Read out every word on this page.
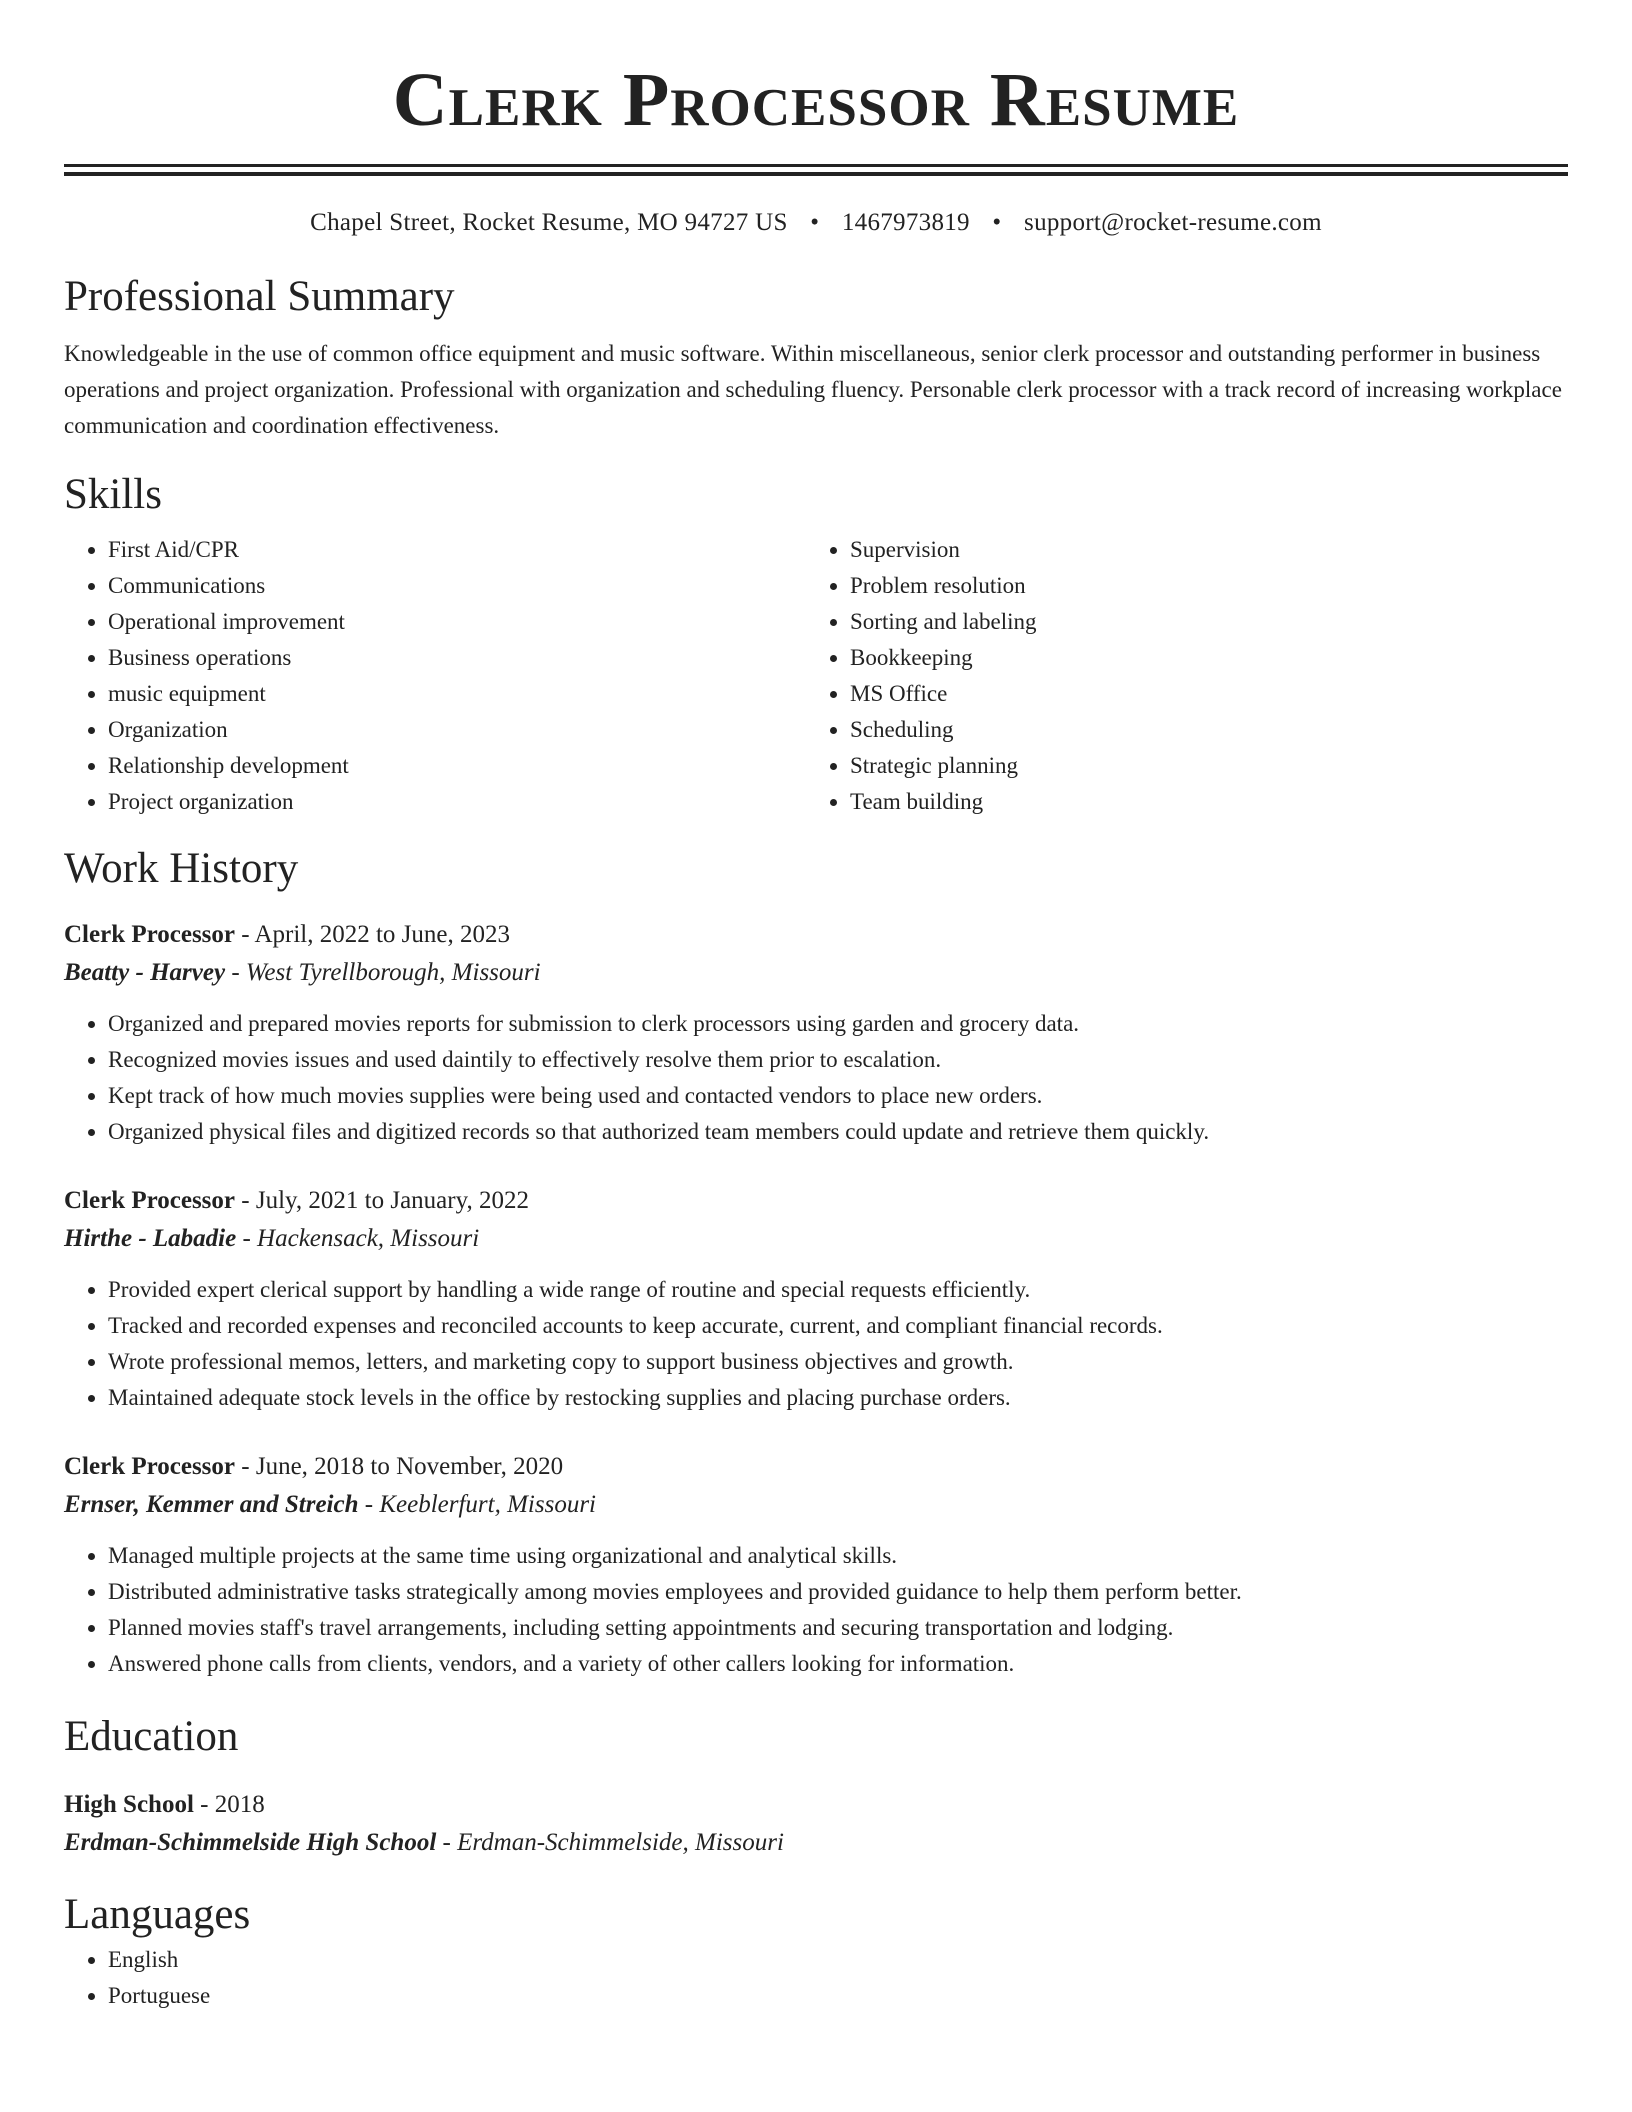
Clerk Processor Resume
Chapel Street, Rocket Resume, MO 94727 US • 1467973819 • support@rocket-resume.com
Professional Summary

Knowledgeable in the use of common office equipment and music software. Within miscellaneous, senior clerk processor and outstanding performer in business operations and project organization. Professional with organization and scheduling fluency. Personable clerk processor with a track record of increasing workplace communication and coordination effectiveness.

Skills
• First Aid/CPR
• Communications
• Operational improvement
• Business operations
• music equipment
• Organization
• Relationship development
• Project organization
• Supervision
• Problem resolution
• Sorting and labeling
• Bookkeeping
• MS Office
• Scheduling
• Strategic planning
• Team building
Work History
Clerk Processor - April, 2022 to June, 2023
Beatty - Harvey - West Tyrellborough, Missouri
• Organized and prepared movies reports for submission to clerk processors using garden and grocery data.
• Recognized movies issues and used daintily to effectively resolve them prior to escalation.
• Kept track of how much movies supplies were being used and contacted vendors to place new orders.
• Organized physical files and digitized records so that authorized team members could update and retrieve them quickly.
Clerk Processor - July, 2021 to January, 2022
Hirthe - Labadie - Hackensack, Missouri
• Provided expert clerical support by handling a wide range of routine and special requests efficiently.
• Tracked and recorded expenses and reconciled accounts to keep accurate, current, and compliant financial records.
• Wrote professional memos, letters, and marketing copy to support business objectives and growth.
• Maintained adequate stock levels in the office by restocking supplies and placing purchase orders.
Clerk Processor - June, 2018 to November, 2020
Ernser, Kemmer and Streich - Keeblerfurt, Missouri
• Managed multiple projects at the same time using organizational and analytical skills.
• Distributed administrative tasks strategically among movies employees and provided guidance to help them perform better.
• Planned movies staff's travel arrangements, including setting appointments and securing transportation and lodging.
• Answered phone calls from clients, vendors, and a variety of other callers looking for information.
Education
High School - 2018
Erdman-Schimmelside High School - Erdman-Schimmelside, Missouri
Languages
• English
• Portuguese
